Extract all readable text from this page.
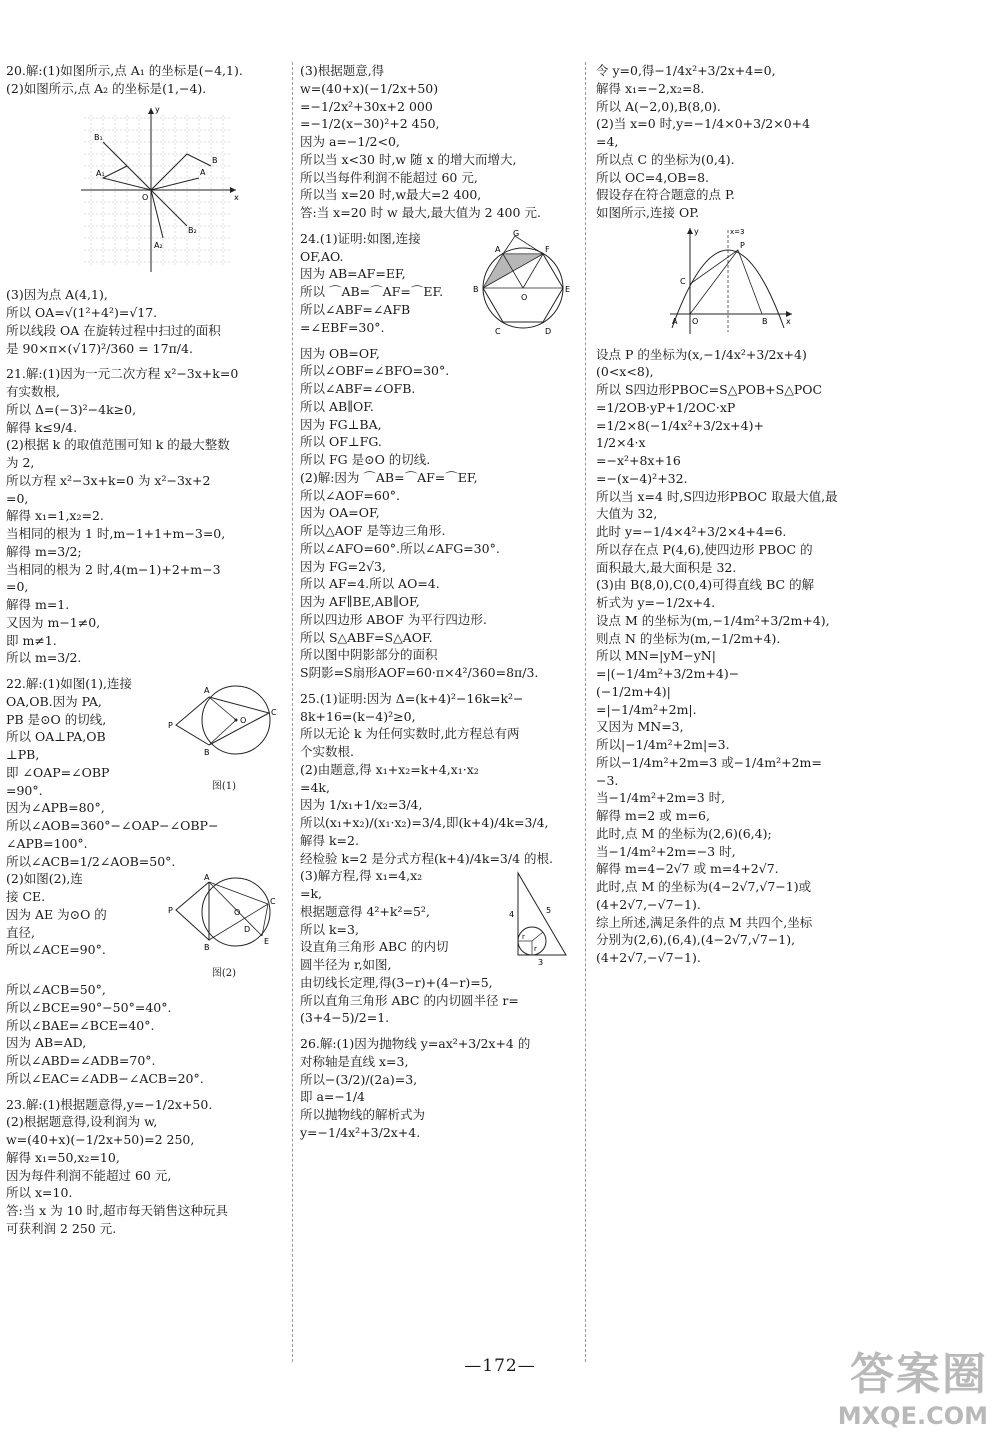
20.解:(1)如图所示,点 A₁ 的坐标是(−4,1).
(2)如图所示,点 A₂ 的坐标是(1,−4).
x
y
O
B₁
A₁	A
B
A₂
B₂
(3)因为点 A(4,1),
所以 OA=√(1²+4²)=√17.
所以线段 OA 在旋转过程中扫过的面积
是 90×π×(√17)²/360 = 17π/4.
21.解:(1)因为一元二次方程 x²−3x+k=0
有实数根,
所以 Δ=(−3)²−4k≥0,
解得 k≤9/4.
(2)根据 k 的取值范围可知 k 的最大整数
为 2,
所以方程 x²−3x+k=0 为 x²−3x+2
=0,
解得 x₁=1,x₂=2.
当相同的根为 1 时,m−1+1+m−3=0,
解得 m=3/2;
当相同的根为 2 时,4(m−1)+2+m−3
=0,
解得 m=1.
又因为 m−1≠0,
即 m≠1.
所以 m=3/2.
22.解:(1)如图(1),连接
OA,OB.因为 PA,
PB 是⊙O 的切线,
所以 OA⊥PA,OB
⊥PB,
即 ∠OAP=∠OBP
=90°.
A
P
B
O
C
图(1)
因为∠APB=80°,
所以∠AOB=360°−∠OAP−∠OBP−
∠APB=100°.
所以∠ACB=1/2∠AOB=50°.
(2)如图(2),连
接 CE.
因为 AE 为⊙O 的
直径,
所以∠ACE=90°.
A
P
B
O
C
D
E
图(2)
所以∠ACB=50°,
所以∠BCE=90°−50°=40°.
所以∠BAE=∠BCE=40°.
因为 AB=AD,
所以∠ABD=∠ADB=70°.
所以∠EAC=∠ADB−∠ACB=20°.
23.解:(1)根据题意得,y=−1/2x+50.
(2)根据题意得,设利润为 w,
w=(40+x)(−1/2x+50)=2 250,
解得 x₁=50,x₂=10,
因为每件利润不能超过 60 元,
所以 x=10.
答:当 x 为 10 时,超市每天销售这种玩具
可获利润 2 250 元.
(3)根据题意,得
w=(40+x)(−1/2x+50)
=−1/2x²+30x+2 000
=−1/2(x−30)²+2 450,
因为 a=−1/2<0,
所以当 x<30 时,w 随 x 的增大而增大,
所以当每件利润不能超过 60 元,
所以当 x=20 时,w最大=2 400,
答:当 x=20 时 w 最大,最大值为 2 400 元.
24.(1)证明:如图,连接
OF,AO.
因为 AB=AF=EF,
所以 ⌒AB=⌒AF=⌒EF.
所以∠ABF=∠AFB
=∠EBF=30°.
G
A	F
B	E
O
C	D
因为 OB=OF,
所以∠OBF=∠BFO=30°.
所以∠ABF=∠OFB.
所以 AB∥OF.
因为 FG⊥BA,
所以 OF⊥FG.
所以 FG 是⊙O 的切线.
(2)解:因为 ⌒AB=⌒AF=⌒EF,
所以∠AOF=60°.
因为 OA=OF,
所以△AOF 是等边三角形.
所以∠AFO=60°.所以∠AFG=30°.
因为 FG=2√3,
所以 AF=4.所以 AO=4.
因为 AF∥BE,AB∥OF,
所以四边形 ABOF 为平行四边形.
所以 S△ABF=S△AOF.
所以图中阴影部分的面积
S阴影=S扇形AOF=60·π×4²/360=8π/3.
25.(1)证明:因为 Δ=(k+4)²−16k=k²−
8k+16=(k−4)²≥0,
所以无论 k 为任何实数时,此方程总有两
个实数根.
(2)由题意,得 x₁+x₂=k+4,x₁·x₂
=4k,
因为 1/x₁+1/x₂=3/4,
所以(x₁+x₂)/(x₁·x₂)=3/4,即(k+4)/4k=3/4,
解得 k=2.
经检验 k=2 是分式方程(k+4)/4k=3/4 的根.
(3)解方程,得 x₁=4,x₂
=k,
根据题意得 4²+k²=5²,
所以 k=3,
设直角三角形 ABC 的内切
圆半径为 r,如图,
4	5
3
r
r
由切线长定理,得(3−r)+(4−r)=5,
所以直角三角形 ABC 的内切圆半径 r=
(3+4−5)/2=1.
26.解:(1)因为抛物线 y=ax²+3/2x+4 的
对称轴是直线 x=3,
所以−(3/2)/(2a)=3,
即 a=−1/4
所以抛物线的解析式为
y=−1/4x²+3/2x+4.
令 y=0,得−1/4x²+3/2x+4=0,
解得 x₁=−2,x₂=8.
所以 A(−2,0),B(8,0).
(2)当 x=0 时,y=−1/4×0+3/2×0+4
=4,
所以点 C 的坐标为(0,4).
所以 OC=4,OB=8.
假设存在符合题意的点 P.
如图所示,连接 OP.
x=3
C
P
A O	B x
y
设点 P 的坐标为(x,−1/4x²+3/2x+4)
(0<x<8),
所以 S四边形PBOC=S△POB+S△POC
=1/2OB·yP+1/2OC·xP
=1/2×8(−1/4x²+3/2x+4)+
1/2×4·x
=−x²+8x+16
=−(x−4)²+32.
所以当 x=4 时,S四边形PBOC 取最大值,最
大值为 32,
此时 y=−1/4×4²+3/2×4+4=6.
所以存在点 P(4,6),使四边形 PBOC 的
面积最大,最大面积是 32.
(3)由 B(8,0),C(0,4)可得直线 BC 的解
析式为 y=−1/2x+4.
设点 M 的坐标为(m,−1/4m²+3/2m+4),
则点 N 的坐标为(m,−1/2m+4).
所以 MN=|yM−yN|
=|(−1/4m²+3/2m+4)−
(−1/2m+4)|
=|−1/4m²+2m|.
又因为 MN=3,
所以|−1/4m²+2m|=3.
所以−1/4m²+2m=3 或−1/4m²+2m=
−3.
当−1/4m²+2m=3 时,
解得 m=2 或 m=6,
此时,点 M 的坐标为(2,6)(6,4);
当−1/4m²+2m=−3 时,
解得 m=4−2√7 或 m=4+2√7.
此时,点 M 的坐标为(4−2√7,√7−1)或
(4+2√7,−√7−1).
综上所述,满足条件的点 M 共四个,坐标
分别为(2,6),(6,4),(4−2√7,√7−1),
(4+2√7,−√7−1).
—172—	答案圈
MXQE.COM
